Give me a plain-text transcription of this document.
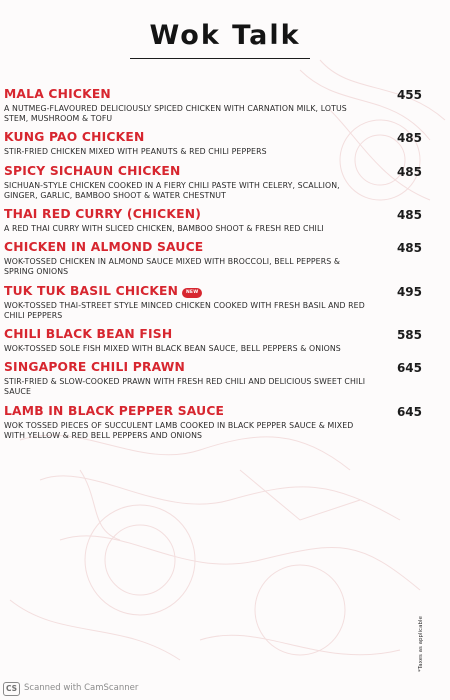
Wok Talk
MALA CHICKEN	455
A NUTMEG-FLAVOURED DELICIOUSLY SPICED CHICKEN WITH CARNATION MILK, LOTUS STEM, MUSHROOM & TOFU
KUNG PAO CHICKEN	485
STIR-FRIED CHICKEN MIXED WITH PEANUTS & RED CHILI PEPPERS
SPICY SICHAUN CHICKEN	485
SICHUAN-STYLE CHICKEN COOKED IN A FIERY CHILI PASTE WITH CELERY, SCALLION, GINGER, GARLIC, BAMBOO SHOOT & WATER CHESTNUT
THAI RED CURRY (CHICKEN)	485
A RED THAI CURRY WITH SLICED CHICKEN, BAMBOO SHOOT & FRESH RED CHILI
CHICKEN IN ALMOND SAUCE	485
WOK-TOSSED CHICKEN IN ALMOND SAUCE MIXED WITH BROCCOLI, BELL PEPPERS & SPRING ONIONS
TUK TUK BASIL CHICKEN NEW	495
WOK-TOSSED THAI-STREET STYLE MINCED CHICKEN COOKED WITH FRESH BASIL AND RED CHILI PEPPERS
CHILI BLACK BEAN FISH	585
WOK-TOSSED SOLE FISH MIXED WITH BLACK BEAN SAUCE, BELL PEPPERS & ONIONS
SINGAPORE CHILI PRAWN	645
STIR-FRIED & SLOW-COOKED PRAWN WITH FRESH RED CHILI AND DELICIOUS SWEET CHILI SAUCE
LAMB IN BLACK PEPPER SAUCE	645
WOK TOSSED PIECES OF SUCCULENT LAMB COOKED IN BLACK PEPPER SAUCE & MIXED WITH YELLOW & RED BELL PEPPERS AND ONIONS
*Taxes as applicable
CS Scanned with CamScanner
